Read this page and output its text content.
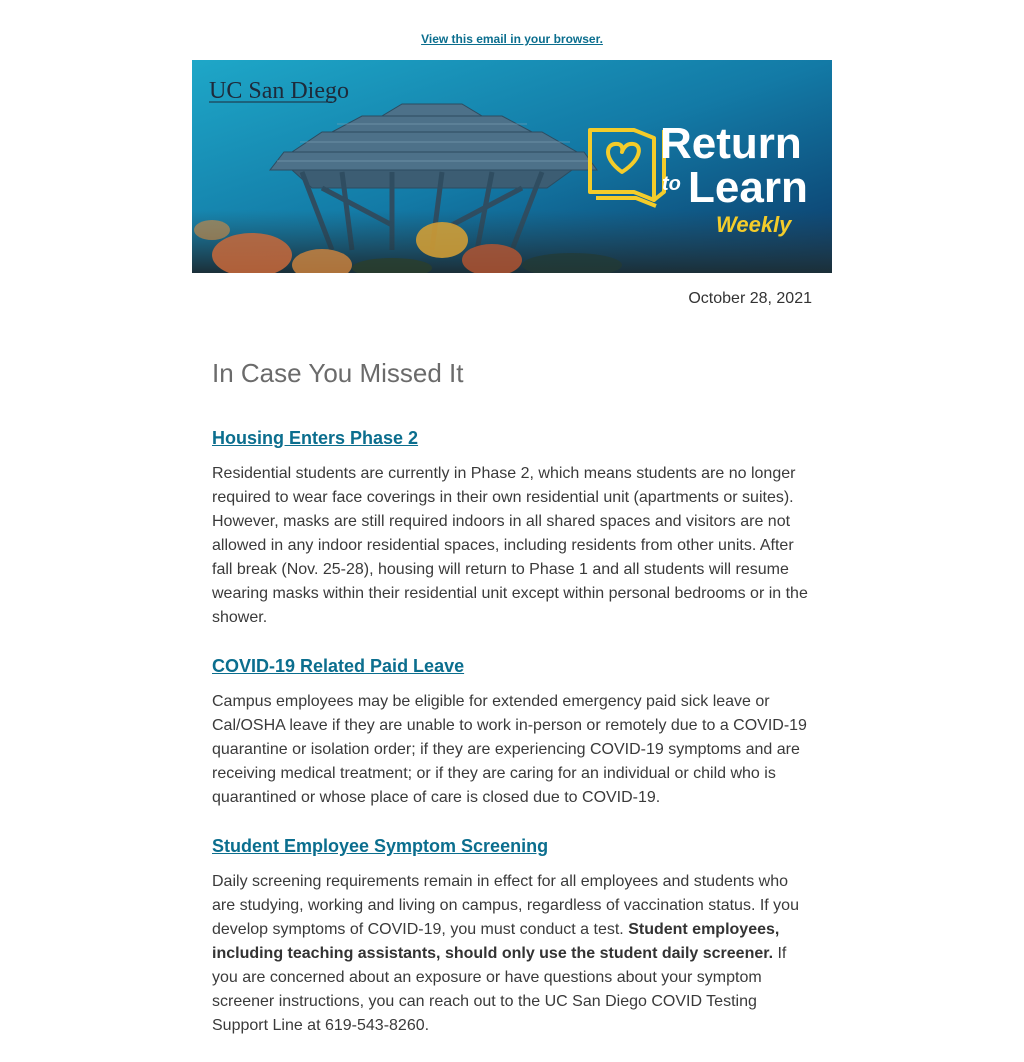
View this email in your browser.
UC San Diego
Return
to Learn
Weekly
October 28, 2021
In Case You Missed It
Housing Enters Phase 2

Residential students are currently in Phase 2, which means students are no longer required to wear face coverings in their own residential unit (apartments or suites). However, masks are still required indoors in all shared spaces and visitors are not allowed in any indoor residential spaces, including residents from other units. After fall break (Nov. 25-28), housing will return to Phase 1 and all students will resume wearing masks within their residential unit except within personal bedrooms or in the shower.

COVID-19 Related Paid Leave

Campus employees may be eligible for extended emergency paid sick leave or Cal/OSHA leave if they are unable to work in-person or remotely due to a COVID-19 quarantine or isolation order; if they are experiencing COVID-19 symptoms and are receiving medical treatment; or if they are caring for an individual or child who is quarantined or whose place of care is closed due to COVID-19.

Student Employee Symptom Screening

Daily screening requirements remain in effect for all employees and students who are studying, working and living on campus, regardless of vaccination status. If you develop symptoms of COVID-19, you must conduct a test. Student employees, including teaching assistants, should only use the student daily screener. If you are concerned about an exposure or have questions about your symptom screener instructions, you can reach out to the UC San Diego COVID Testing Support Line at 619-543-8260.
